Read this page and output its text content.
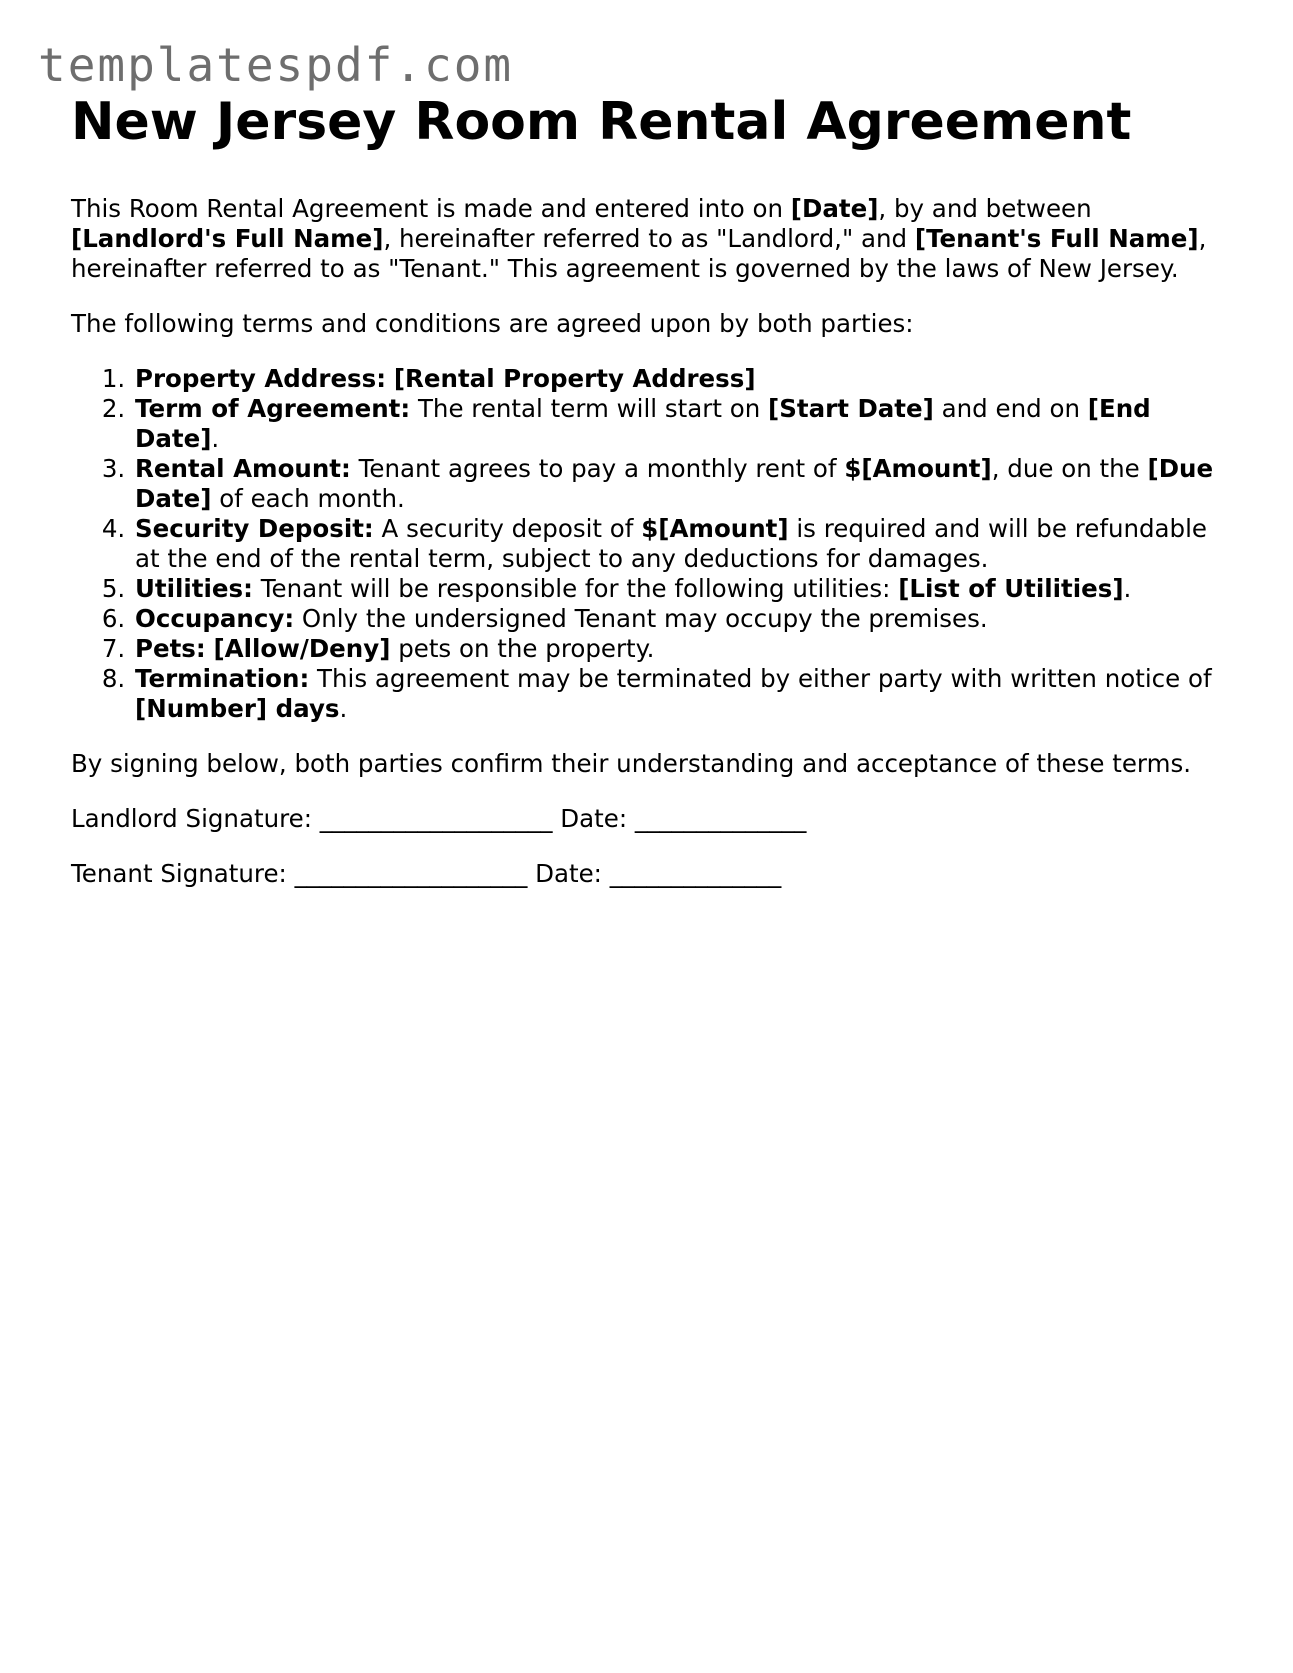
templatespdf.com
New Jersey Room Rental Agreement

This Room Rental Agreement is made and entered into on [Date], by and between [Landlord's Full Name], hereinafter referred to as "Landlord," and [Tenant's Full Name], hereinafter referred to as "Tenant." This agreement is governed by the laws of New Jersey.

The following terms and conditions are agreed upon by both parties:

1. Property Address: [Rental Property Address]
2. Term of Agreement: The rental term will start on [Start Date] and end on [End Date].
3. Rental Amount: Tenant agrees to pay a monthly rent of $[Amount], due on the [Due Date] of each month.
4. Security Deposit: A security deposit of $[Amount] is required and will be refundable at the end of the rental term, subject to any deductions for damages.
5. Utilities: Tenant will be responsible for the following utilities: [List of Utilities].
6. Occupancy: Only the undersigned Tenant may occupy the premises.
7. Pets: [Allow/Deny] pets on the property.
8. Termination: This agreement may be terminated by either party with written notice of [Number] days.

By signing below, both parties confirm their understanding and acceptance of these terms.

Landlord Signature: ___________________ Date: ______________

Tenant Signature: ___________________ Date: ______________
